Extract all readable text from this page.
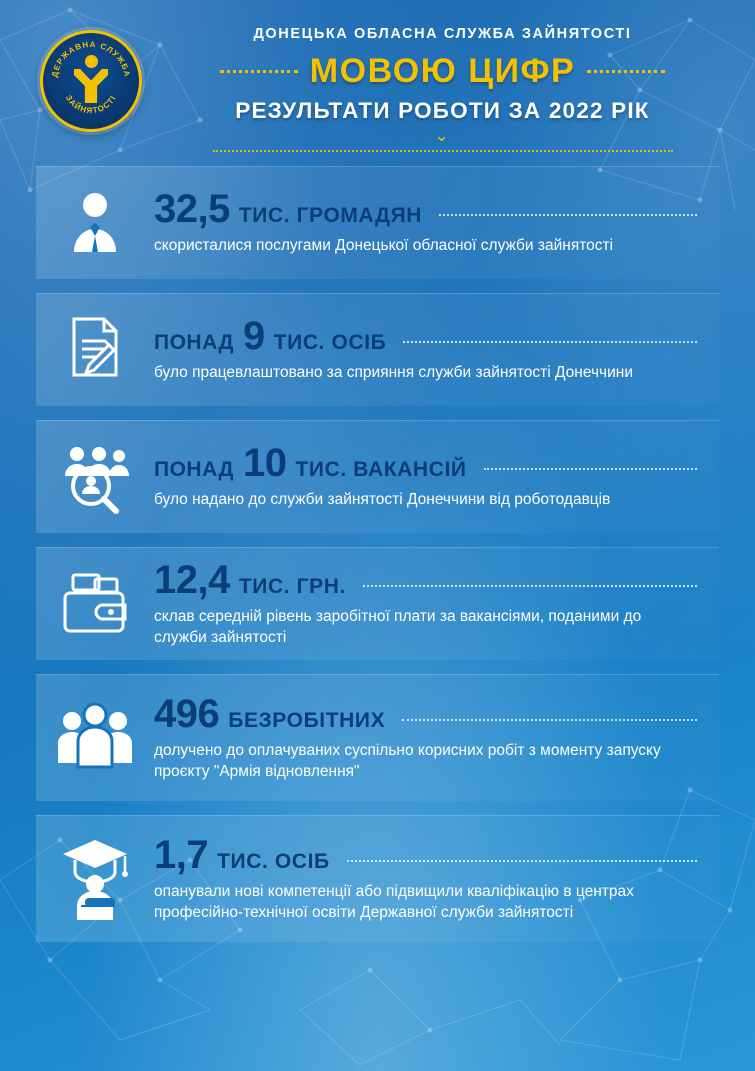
ДЕРЖАВНА СЛУЖБА
ЗАЙНЯТОСТІ
ДОНЕЦЬКА ОБЛАСНА СЛУЖБА ЗАЙНЯТОСТІ
МОВОЮ ЦИФР
РЕЗУЛЬТАТИ РОБОТИ ЗА 2022 РІК
⌄
32,5 ТИС. ГРОМАДЯН
скористалися послугами Донецької обласної служби зайнятості
ПОНАД 9 ТИС. ОСІБ
було працевлаштовано за сприяння служби зайнятості Донеччини
ПОНАД 10 ТИС. ВАКАНСІЙ
було надано до служби зайнятості Донеччини від роботодавців
12,4 ТИС. ГРН.
склав середній рівень заробітної плати за вакансіями, поданими до служби зайнятості
496 БЕЗРОБІТНИХ
долучено до оплачуваних суспільно корисних робіт з моменту запуску проєкту "Армія відновлення"
1,7 ТИС. ОСІБ
опанували нові компетенції або підвищили кваліфікацію в центрах професійно-технічної освіти Державної служби зайнятості
